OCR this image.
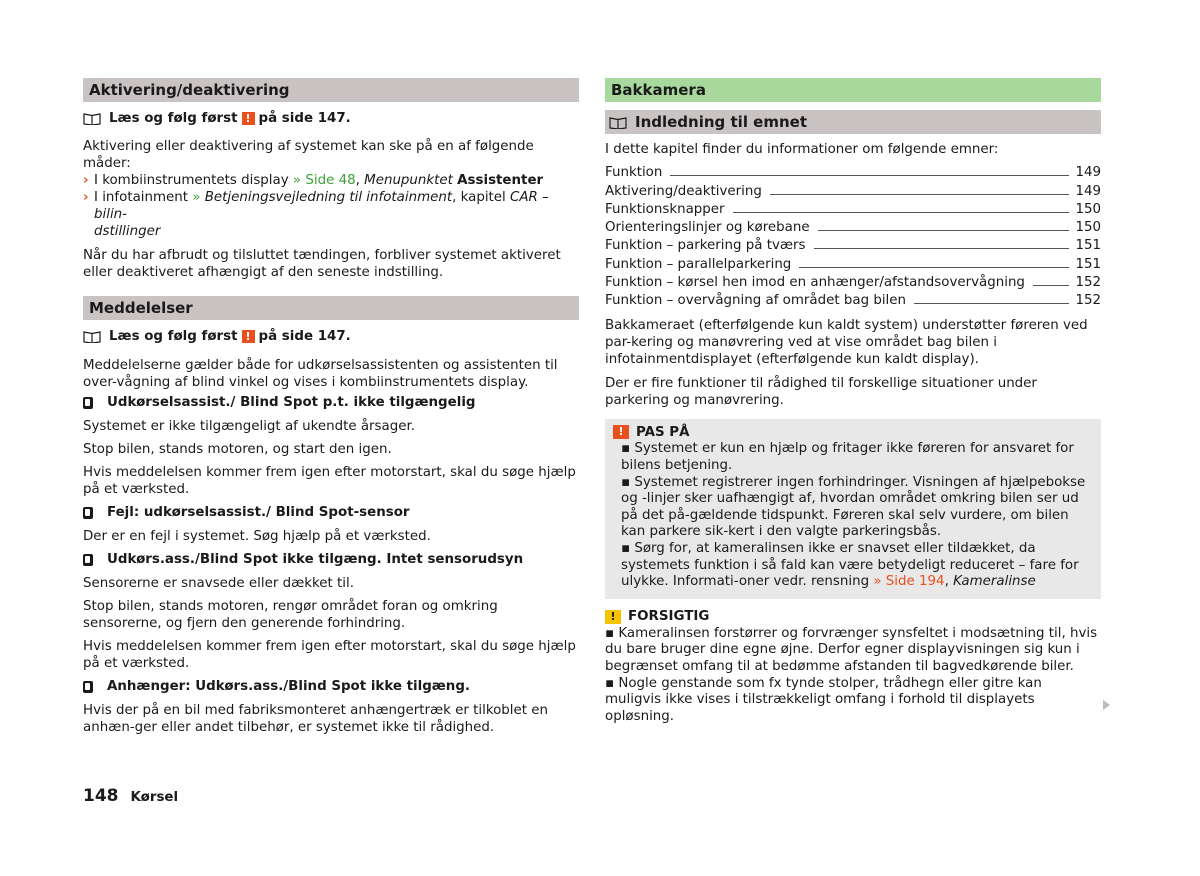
Aktivering/deaktivering
Læs og følg først ! på side 147.

Aktivering eller deaktivering af systemet kan ske på en af følgende måder:

› I kombiinstrumentets display » Side 48, Menupunktet Assistenter
› I infotainment » Betjeningsvejledning til infotainment, kapitel CAR – bilin-
dstillinger

Når du har afbrudt og tilsluttet tændingen, forbliver systemet aktiveret eller deaktiveret afhængigt af den seneste indstilling.

Meddelelser
Læs og følg først ! på side 147.

Meddelelserne gælder både for udkørselsassistenten og assistenten til over-vågning af blind vinkel og vises i kombiinstrumentets display.

Udkørselsassist./ Blind Spot p.t. ikke tilgængelig

Systemet er ikke tilgængeligt af ukendte årsager.

Stop bilen, stands motoren, og start den igen.

Hvis meddelelsen kommer frem igen efter motorstart, skal du søge hjælp på et værksted.

Fejl: udkørselsassist./ Blind Spot-sensor

Der er en fejl i systemet. Søg hjælp på et værksted.

Udkørs.ass./Blind Spot ikke tilgæng. Intet sensorudsyn

Sensorerne er snavsede eller dækket til.

Stop bilen, stands motoren, rengør området foran og omkring sensorerne, og fjern den generende forhindring.

Hvis meddelelsen kommer frem igen efter motorstart, skal du søge hjælp på et værksted.

Anhænger: Udkørs.ass./Blind Spot ikke tilgæng.

Hvis der på en bil med fabriksmonteret anhængertræk er tilkoblet en anhæn-ger eller andet tilbehør, er systemet ikke til rådighed.

Bakkamera
Indledning til emnet

I dette kapitel finder du informationer om følgende emner:

Funktion	149
Aktivering/deaktivering	149
Funktionsknapper	150
Orienteringslinjer og kørebane	150
Funktion – parkering på tværs	151
Funktion – parallelparkering	151
Funktion – kørsel hen imod en anhænger/afstandsovervågning	152
Funktion – overvågning af området bag bilen	152

Bakkameraet (efterfølgende kun kaldt system) understøtter føreren ved par-kering og manøvrering ved at vise området bag bilen i infotainmentdisplayet (efterfølgende kun kaldt display).

Der er fire funktioner til rådighed til forskellige situationer under parkering og manøvrering.

! PAS PÅ
▪ Systemet er kun en hjælp og fritager ikke føreren for ansvaret for bilens betjening.
▪ Systemet registrerer ingen forhindringer. Visningen af hjælpebokse og -linjer sker uafhængigt af, hvordan området omkring bilen ser ud på det på-gældende tidspunkt. Føreren skal selv vurdere, om bilen kan parkere sik-kert i den valgte parkeringsbås.
▪ Sørg for, at kameralinsen ikke er snavset eller tildækket, da systemets funktion i så fald kan være betydeligt reduceret – fare for ulykke. Informati-oner vedr. rensning » Side 194, Kameralinse
! FORSIGTIG
▪ Kameralinsen forstørrer og forvrænger synsfeltet i modsætning til, hvis du bare bruger dine egne øjne. Derfor egner displayvisningen sig kun i begrænset omfang til at bedømme afstanden til bagvedkørende biler.
▪ Nogle genstande som fx tynde stolper, trådhegn eller gitre kan muligvis ikke vises i tilstrækkeligt omfang i forhold til displayets opløsning.
148 Kørsel
